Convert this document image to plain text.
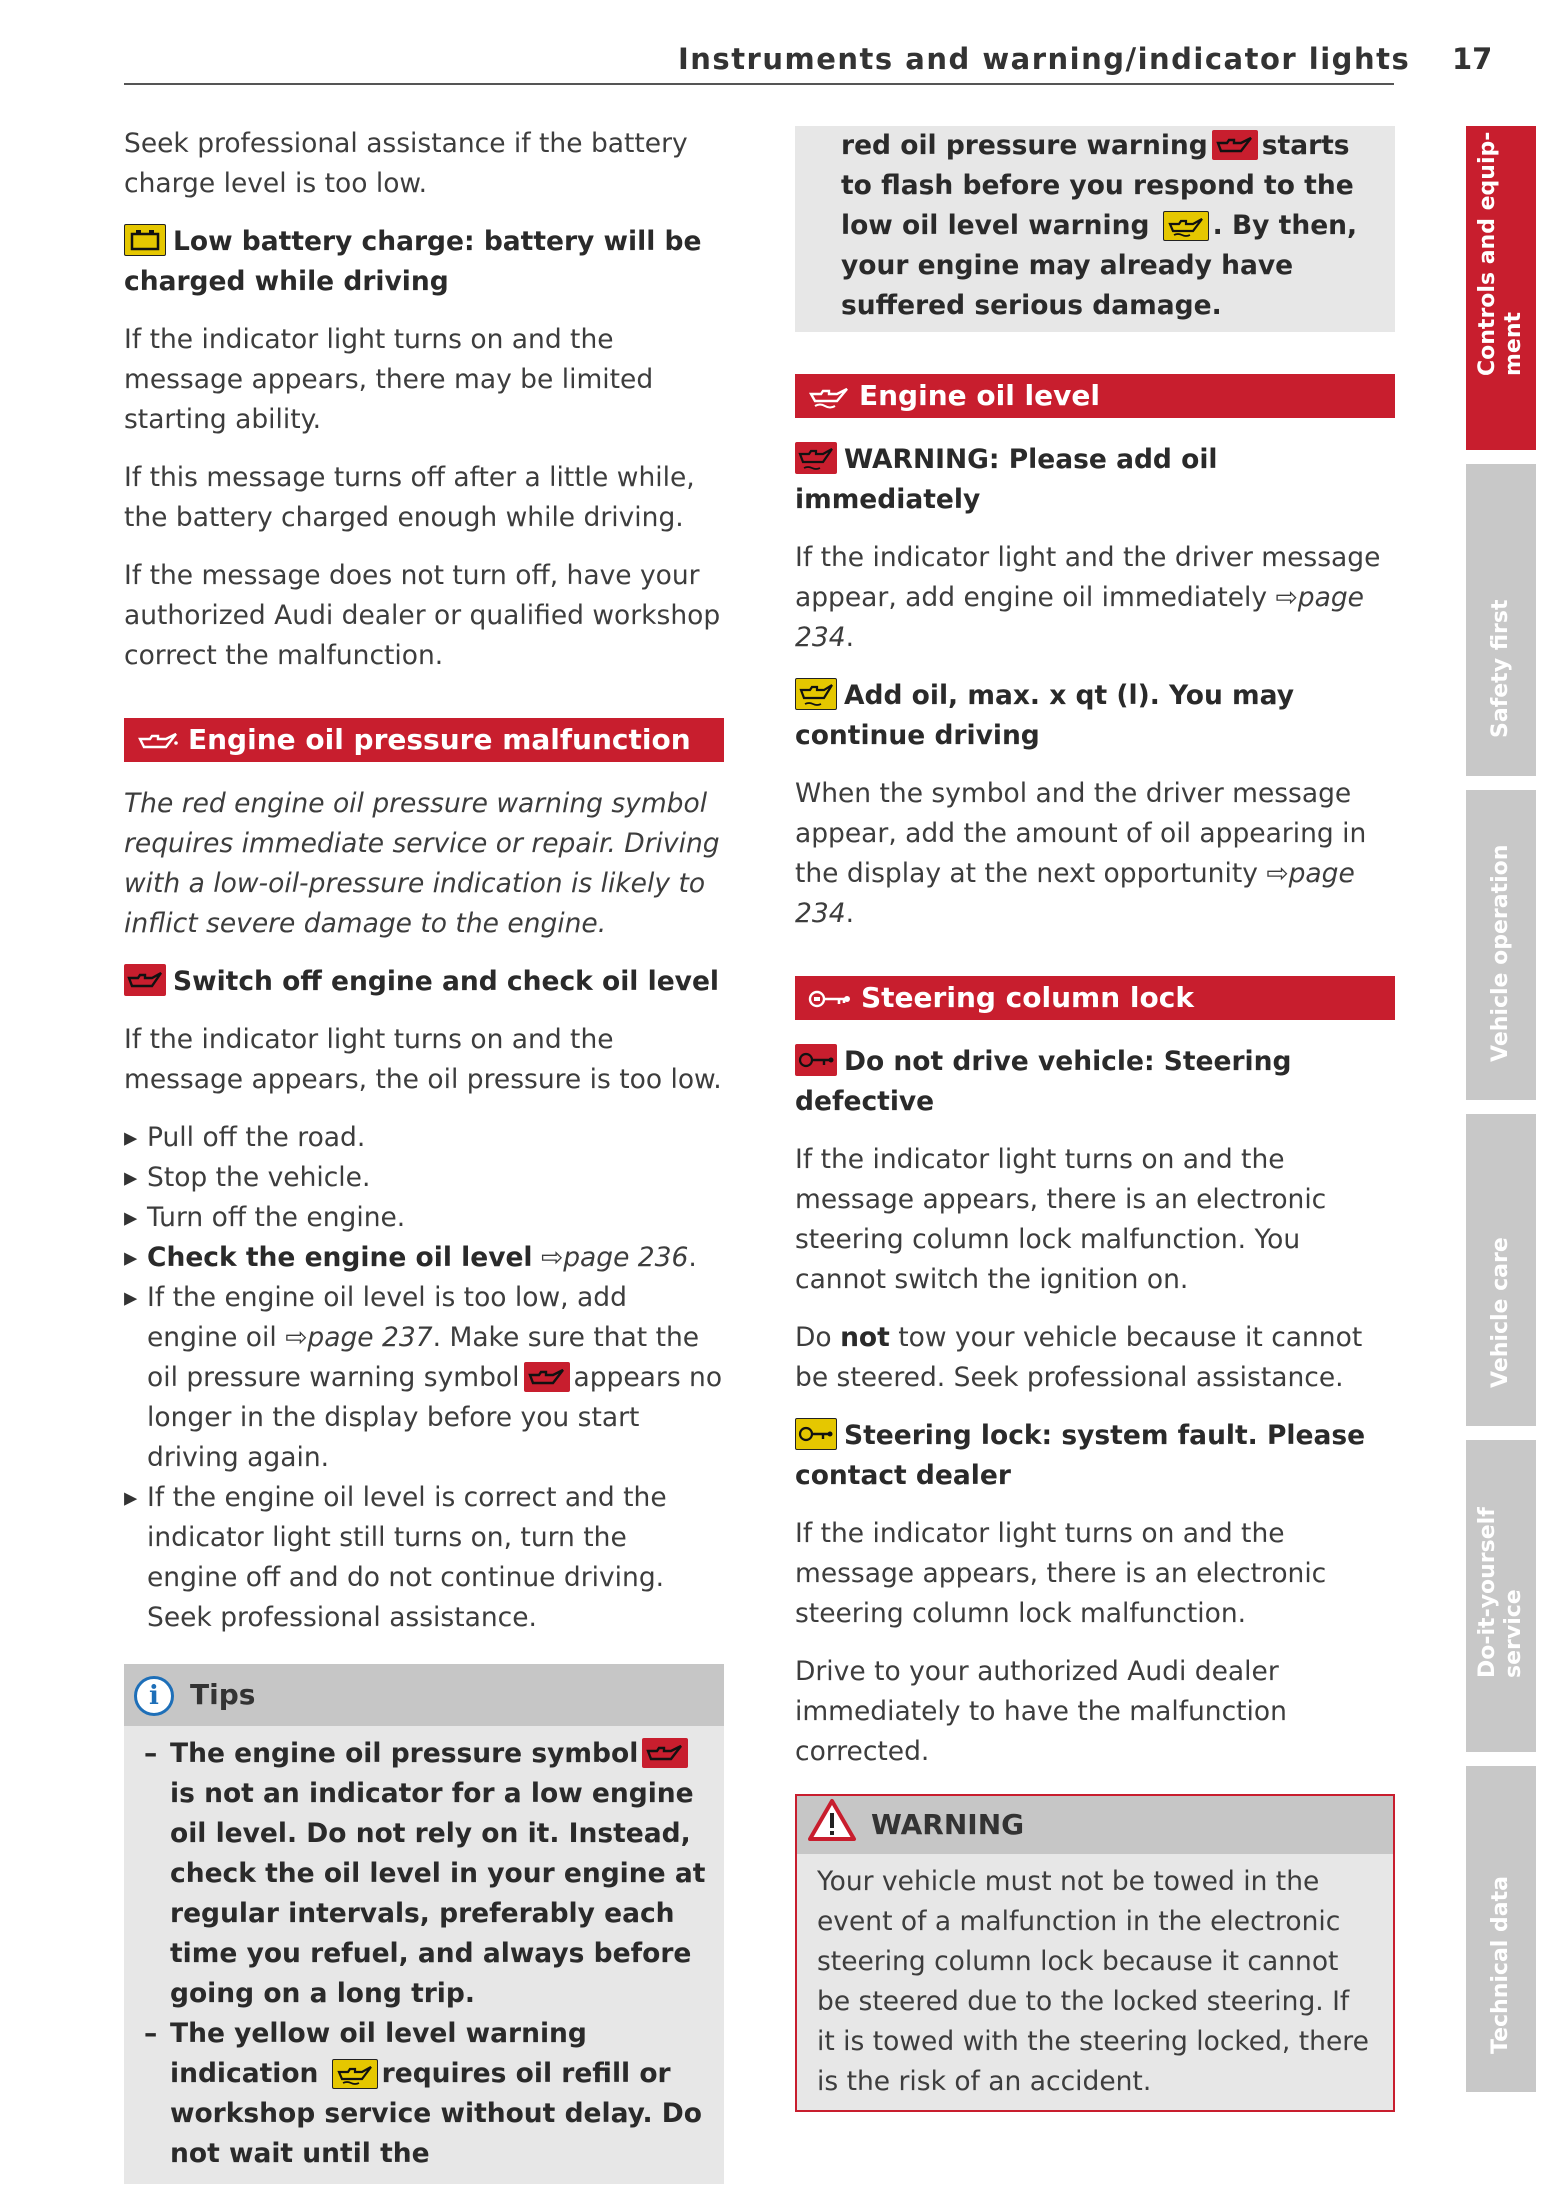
Instruments and warning/indicator lights 17

Seek professional assistance if the battery charge level is too low.

Low battery charge: battery will be charged while driving

If the indicator light turns on and the message appears, there may be limited starting ability.

If this message turns off after a little while, the battery charged enough while driving.

If the message does not turn off, have your authorized Audi dealer or qualified workshop correct the malfunction.

Engine oil pressure malfunction

The red engine oil pressure warning symbol requires immediate service or repair. Driving with a low-oil-pressure indication is likely to inflict severe damage to the engine.

Switch off engine and check oil level

If the indicator light turns on and the message appears, the oil pressure is too low.

▸ Pull off the road.
▸ Stop the vehicle.
▸ Turn off the engine.
▸ Check the engine oil level ⇨page 236.
▸ If the engine oil level is too low, add engine oil ⇨page 237. Make sure that the oil pressure warning symbol appears no longer in the display before you start driving again.
▸ If the engine oil level is correct and the indicator light still turns on, turn the engine off and do not continue driving. Seek professional assistance.
i Tips
– The engine oil pressure symbolis not an indicator for a low engine oil level. Do not rely on it. Instead, check the oil level in your engine at regular intervals, preferably each time you refuel, and always before going on a long trip.
– The yellow oil level warning indication requires oil refill or workshop service without delay. Do not wait until the
red oil pressure warning starts to flash before you respond to the low oil level warning . By then, your engine may already have suffered serious damage.
Engine oil level
WARNING: Please add oil immediately

If the indicator light and the driver message appear, add engine oil immediately ⇨page 234.

Add oil, max. x qt (l). You may continue driving

When the symbol and the driver message appear, add the amount of oil appearing in the display at the next opportunity ⇨page 234.

Steering column lock
Do not drive vehicle: Steering defective

If the indicator light turns on and the message appears, there is an electronic steering column lock malfunction. You cannot switch the ignition on.

Do not tow your vehicle because it cannot be steered. Seek professional assistance.

Steering lock: system fault. Please contact dealer

If the indicator light turns on and the message appears, there is an electronic steering column lock malfunction.

Drive to your authorized Audi dealer immediately to have the malfunction corrected.

WARNING
Your vehicle must not be towed in the event of a malfunction in the electronic steering column lock because it cannot be steered due to the locked steering. If it is towed with the steering locked, there is the risk of an accident.
Controls and equip-ment
Safety first
Vehicle operation
Vehicle care
Do-it-yourself service
Technical data
